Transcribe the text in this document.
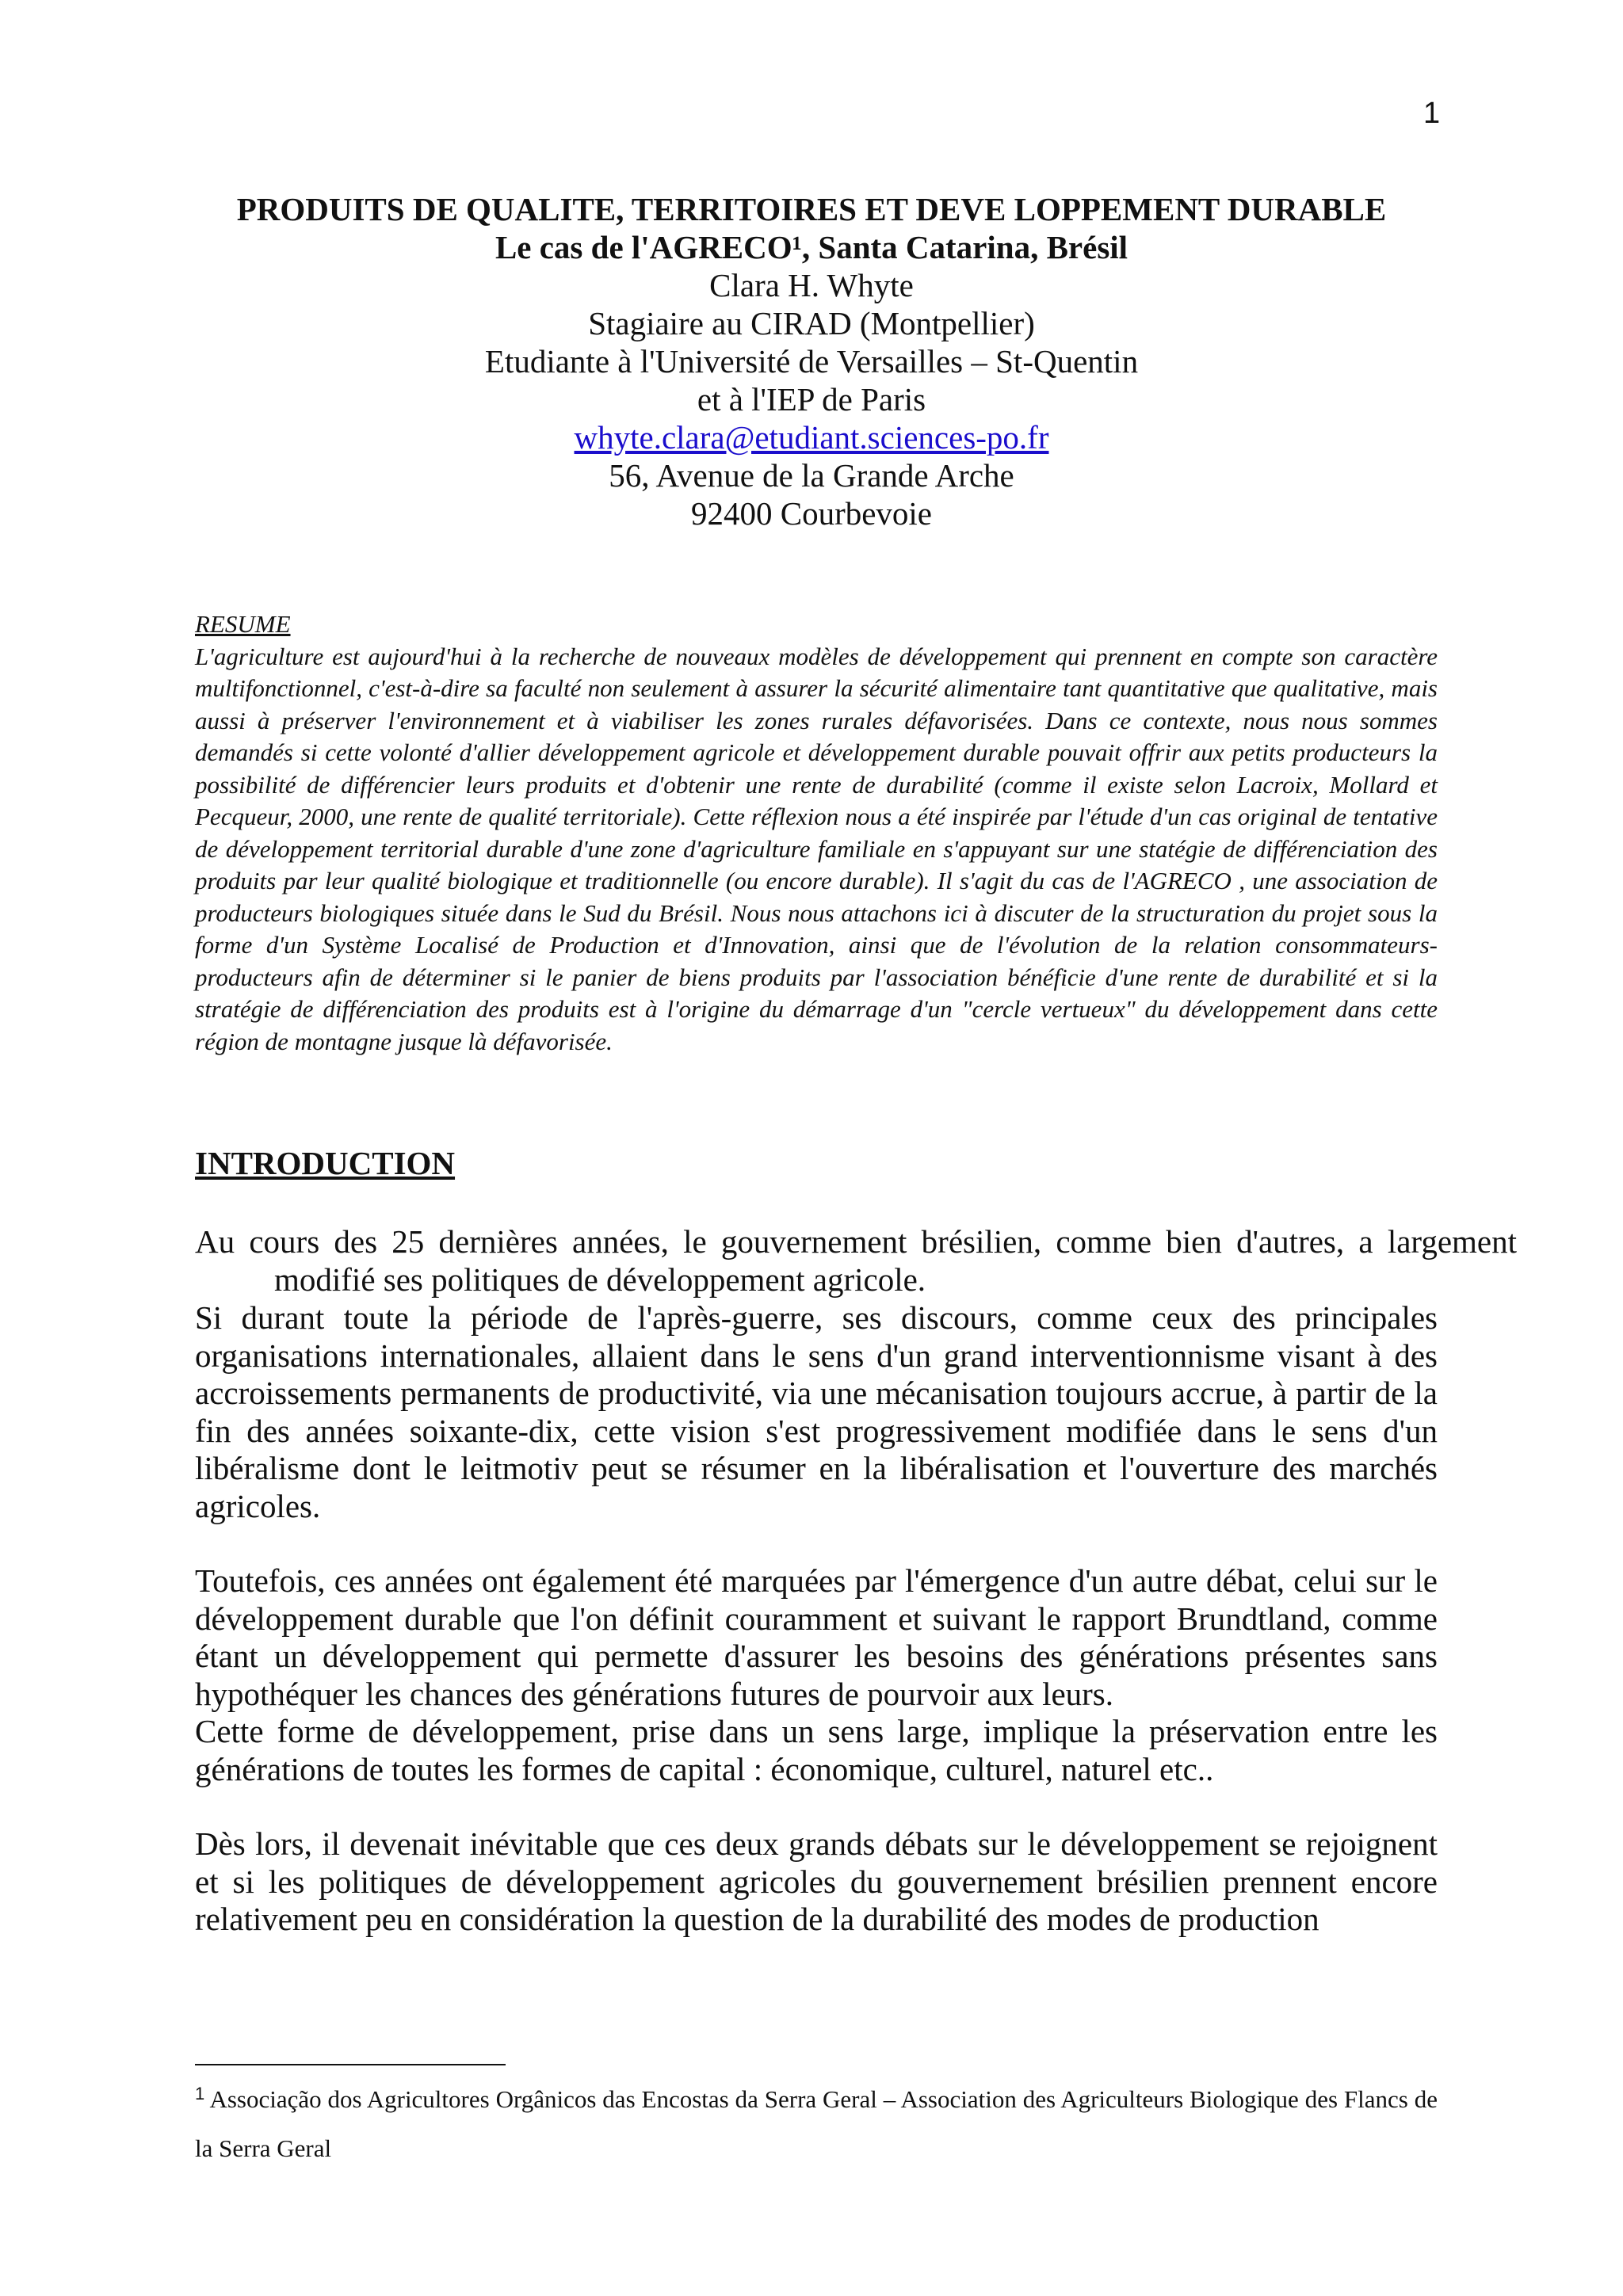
1
PRODUITS DE QUALITE, TERRITOIRES ET DEVE LOPPEMENT DURABLE
Le cas de l'AGRECO¹, Santa Catarina, Brésil
Clara H. Whyte
Stagiaire au CIRAD (Montpellier)
Etudiante à l'Université de Versailles – St-Quentin
et à l'IEP de Paris
whyte.clara@etudiant.sciences-po.fr
56, Avenue de la Grande Arche
92400 Courbevoie
RESUME

L'agriculture est aujourd'hui à la recherche de nouveaux modèles de développement qui prennent en compte son caractère multifonctionnel, c'est-à-dire sa faculté non seulement à assurer la sécurité alimentaire tant quantitative que qualitative, mais aussi à préserver l'environnement et à viabiliser les zones rurales défavorisées. Dans ce contexte, nous nous sommes demandés si cette volonté d'allier développement agricole et développement durable pouvait offrir aux petits producteurs la possibilité de différencier leurs produits et d'obtenir une rente de durabilité (comme il existe selon Lacroix, Mollard et Pecqueur, 2000, une rente de qualité territoriale). Cette réflexion nous a été inspirée par l'étude d'un cas original de tentative de développement territorial durable d'une zone d'agriculture familiale en s'appuyant sur une statégie de différenciation des produits par leur qualité biologique et traditionnelle (ou encore durable). Il s'agit du cas de l'AGRECO , une association de producteurs biologiques située dans le Sud du Brésil. Nous nous attachons ici à discuter de la structuration du projet sous la forme d'un Système Localisé de Production et d'Innovation, ainsi que de l'évolution de la relation consommateurs-producteurs afin de déterminer si le panier de biens produits par l'association bénéficie d'une rente de durabilité et si la stratégie de différenciation des produits est à l'origine du démarrage d'un "cercle vertueux" du développement dans cette région de montagne jusque là défavorisée.

INTRODUCTION

Au cours des 25 dernières années, le gouvernement brésilien, comme bien d'autres, a largement modifié ses politiques de développement agricole.

Si durant toute la période de l'après-guerre, ses discours, comme ceux des principales organisations internationales, allaient dans le sens d'un grand interventionnisme visant à des accroissements permanents de productivité, via une mécanisation toujours accrue, à partir de la fin des années soixante-dix, cette vision s'est progressivement modifiée dans le sens d'un libéralisme dont le leitmotiv peut se résumer en la libéralisation et l'ouverture des marchés agricoles.

Toutefois, ces années ont également été marquées par l'émergence d'un autre débat, celui sur le développement durable que l'on définit couramment et suivant le rapport Brundtland, comme étant un développement qui permette d'assurer les besoins des générations présentes sans hypothéquer les chances des générations futures de pourvoir aux leurs.

Cette forme de développement, prise dans un sens large, implique la préservation entre les générations de toutes les formes de capital : économique, culturel, naturel etc..

Dès lors, il devenait inévitable que ces deux grands débats sur le développement se rejoignent et si les politiques de développement agricoles du gouvernement brésilien prennent encore relativement peu en considération la question de la durabilité des modes de production

$^1$ Associação dos Agricultores Orgânicos das Encostas da Serra Geral – Association des Agriculteurs Biologique des Flancs de la Serra Geral
